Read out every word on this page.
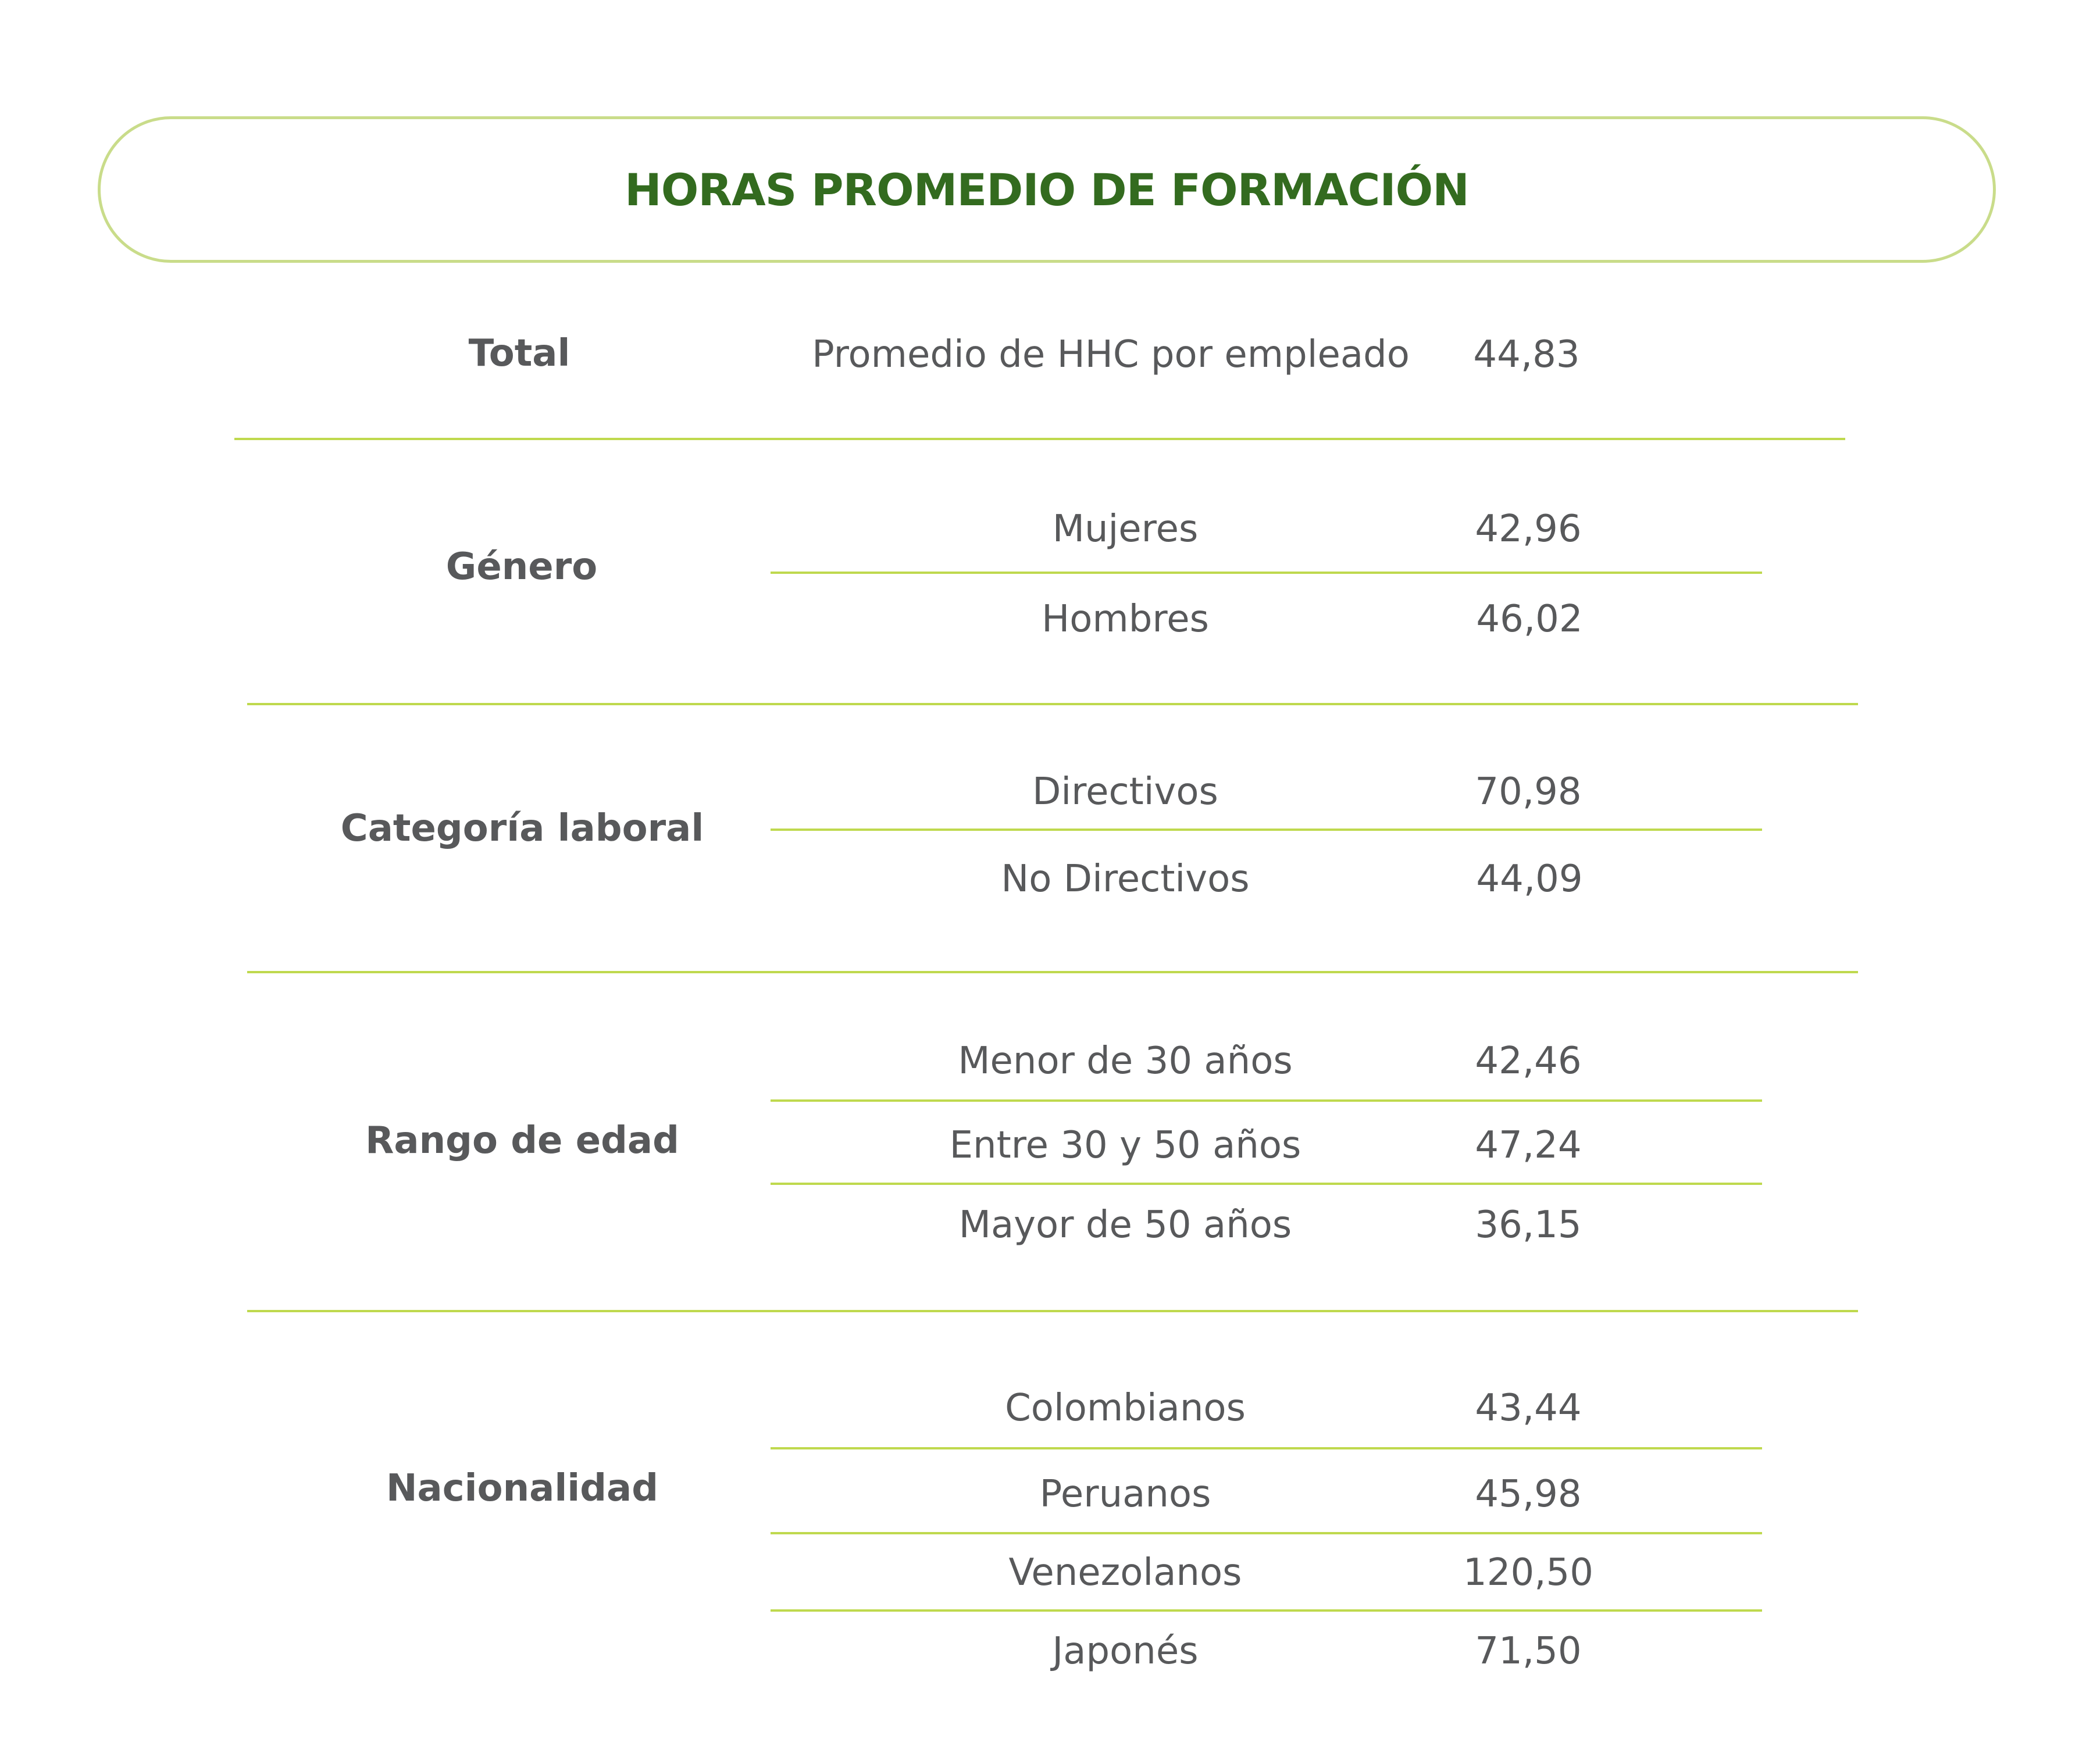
HORAS PROMEDIO DE FORMACIÓN
Total	Promedio de HHC por empleado 44,83
Género
Mujeres	42,96
Hombres	46,02
Categoría laboral
Directivos	70,98
No Directivos	44,09
Rango de edad
Menor de 30 años	42,46
Entre 30 y 50 años	47,24
Mayor de 50 años	36,15
Nacionalidad
Colombianos	43,44
Peruanos	45,98
Venezolanos	120,50
Japonés	71,50
